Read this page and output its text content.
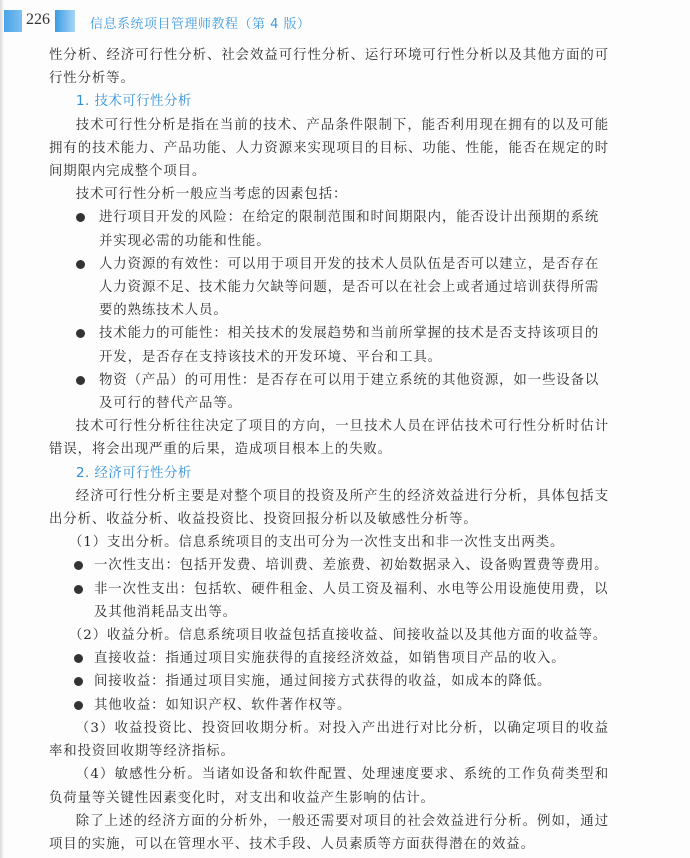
226	信息系统项目管理师教程（第 4 版）

性分析、经济可行性分析、社会效益可行性分析、运行环境可行性分析以及其他方面的可行性分析等。

1. 技术可行性分析

技术可行性分析是指在当前的技术、产品条件限制下，能否利用现在拥有的以及可能拥有的技术能力、产品功能、人力资源来实现项目的目标、功能、性能，能否在规定的时间期限内完成整个项目。

技术可行性分析一般应当考虑的因素包括：

进行项目开发的风险：在给定的限制范围和时间期限内，能否设计出预期的系统并实现必需的功能和性能。
人力资源的有效性：可以用于项目开发的技术人员队伍是否可以建立，是否存在人力资源不足、技术能力欠缺等问题，是否可以在社会上或者通过培训获得所需要的熟练技术人员。
技术能力的可能性：相关技术的发展趋势和当前所掌握的技术是否支持该项目的开发，是否存在支持该技术的开发环境、平台和工具。
物资（产品）的可用性：是否存在可以用于建立系统的其他资源，如一些设备以及可行的替代产品等。

技术可行性分析往往决定了项目的方向，一旦技术人员在评估技术可行性分析时估计错误，将会出现严重的后果，造成项目根本上的失败。

2. 经济可行性分析

经济可行性分析主要是对整个项目的投资及所产生的经济效益进行分析，具体包括支出分析、收益分析、收益投资比、投资回报分析以及敏感性分析等。

（1）支出分析。信息系统项目的支出可分为一次性支出和非一次性支出两类。

一次性支出：包括开发费、培训费、差旅费、初始数据录入、设备购置费等费用。
非一次性支出：包括软、硬件租金、人员工资及福利、水电等公用设施使用费，以及其他消耗品支出等。

（2）收益分析。信息系统项目收益包括直接收益、间接收益以及其他方面的收益等。

直接收益：指通过项目实施获得的直接经济效益，如销售项目产品的收入。
间接收益：指通过项目实施，通过间接方式获得的收益，如成本的降低。
其他收益：如知识产权、软件著作权等。

（3）收益投资比、投资回收期分析。对投入产出进行对比分析，以确定项目的收益率和投资回收期等经济指标。

（4）敏感性分析。当诸如设备和软件配置、处理速度要求、系统的工作负荷类型和负荷量等关键性因素变化时，对支出和收益产生影响的估计。

除了上述的经济方面的分析外，一般还需要对项目的社会效益进行分析。例如，通过项目的实施，可以在管理水平、技术手段、人员素质等方面获得潜在的效益。
